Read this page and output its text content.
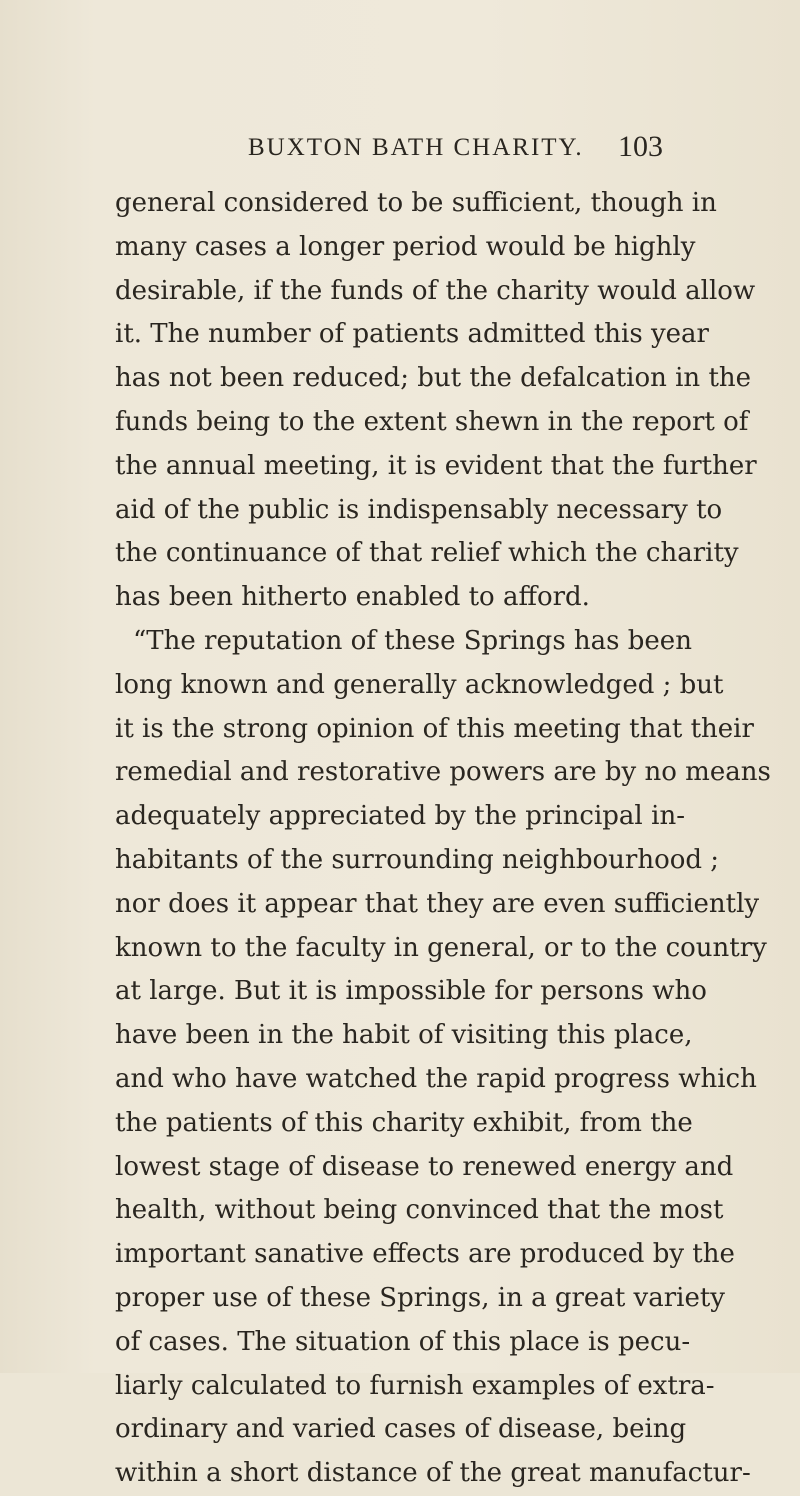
BUXTON BATH CHARITY. 103
general considered to be sufficient, though in
many cases a longer period would be highly
desirable, if the funds of the charity would allow
it. The number of patients admitted this year
has not been reduced; but the defalcation in the
funds being to the extent shewn in the report of
the annual meeting, it is evident that the further
aid of the public is indispensably necessary to
the continuance of that relief which the charity
has been hitherto enabled to afford.
“The reputation of these Springs has been
long known and generally acknowledged ; but
it is the strong opinion of this meeting that their
remedial and restorative powers are by no means
adequately appreciated by the principal in-
habitants of the surrounding neighbourhood ;
nor does it appear that they are even sufficiently
known to the faculty in general, or to the country
at large. But it is impossible for persons who
have been in the habit of visiting this place,
and who have watched the rapid progress which
the patients of this charity exhibit, from the
lowest stage of disease to renewed energy and
health, without being convinced that the most
important sanative effects are produced by the
proper use of these Springs, in a great variety
of cases. The situation of this place is pecu-
liarly calculated to furnish examples of extra-
ordinary and varied cases of disease, being
within a short distance of the great manufactur-
